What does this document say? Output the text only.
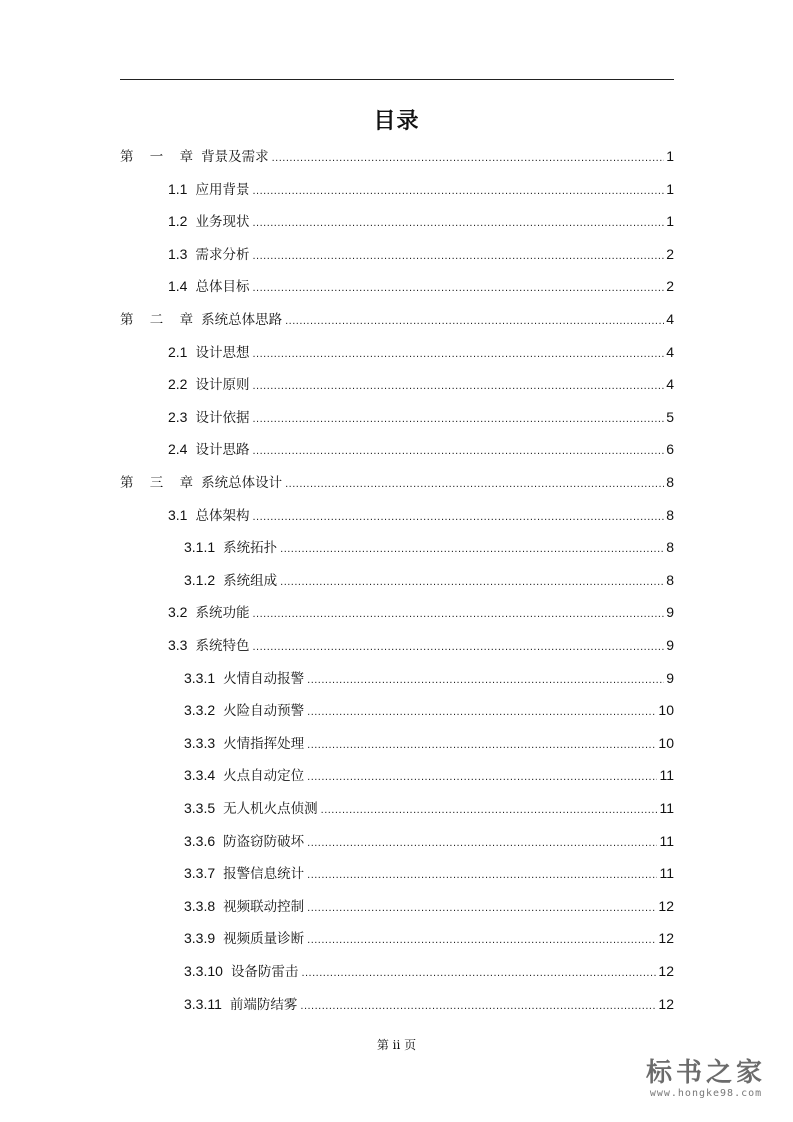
目录
第 一 章 背景及需求 .....	1
1.1 应用背景 .....	1
1.2 业务现状 .....	1
1.3 需求分析 .....	2
1.4 总体目标 .....	2
第 二 章 系统总体思路 .....	4
2.1 设计思想 .....	4
2.2 设计原则 .....	4
2.3 设计依据 .....	5
2.4 设计思路 .....	6
第 三 章 系统总体设计 .....	8
3.1 总体架构 .....	8
3.1.1 系统拓扑 .....	8
3.1.2 系统组成 .....	8
3.2 系统功能 .....	9
3.3 系统特色 .....	9
3.3.1 火情自动报警 .....	9
3.3.2 火险自动预警 .....	10
3.3.3 火情指挥处理 .....	10
3.3.4 火点自动定位 .....	11
3.3.5 无人机火点侦测 .....	11
3.3.6 防盗窃防破坏 .....	11
3.3.7 报警信息统计 .....	11
3.3.8 视频联动控制 .....	12
3.3.9 视频质量诊断 .....	12
3.3.10 设备防雷击 .....	12
3.3.11 前端防结雾 .....	12
第 ii 页
标书之家
www.hongke98.com
